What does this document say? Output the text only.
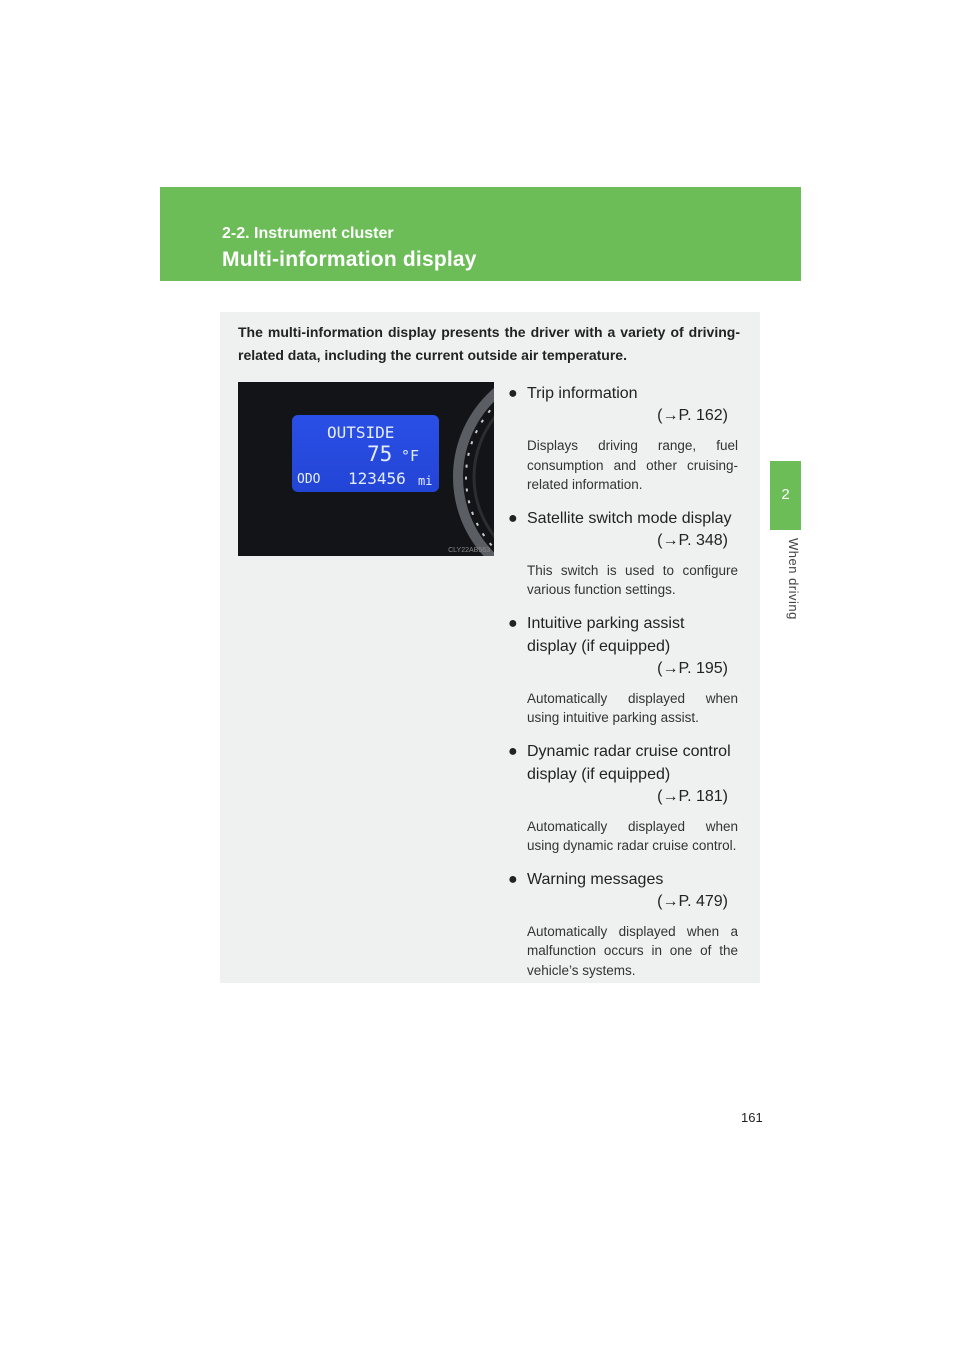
2-2. Instrument cluster
Multi-information display
2
When driving
The multi-information display presents the driver with a variety of driving-related data, including the current outside air temperature.
OUTSIDE
75 °F
ODO 123456 mi
CLY22AB563
● Trip information
(→P. 162)
Displays driving range, fuel consumption and other cruising-related information.
● Satellite switch mode display
(→P. 348)
This switch is used to configure various function settings.
● Intuitive parking assist display (if equipped)
(→P. 195)
Automatically displayed when using intuitive parking assist.
● Dynamic radar cruise control display (if equipped)
(→P. 181)
Automatically displayed when using dynamic radar cruise control.
● Warning messages
(→P. 479)
Automatically displayed when a malfunction occurs in one of the vehicle’s systems.
161
